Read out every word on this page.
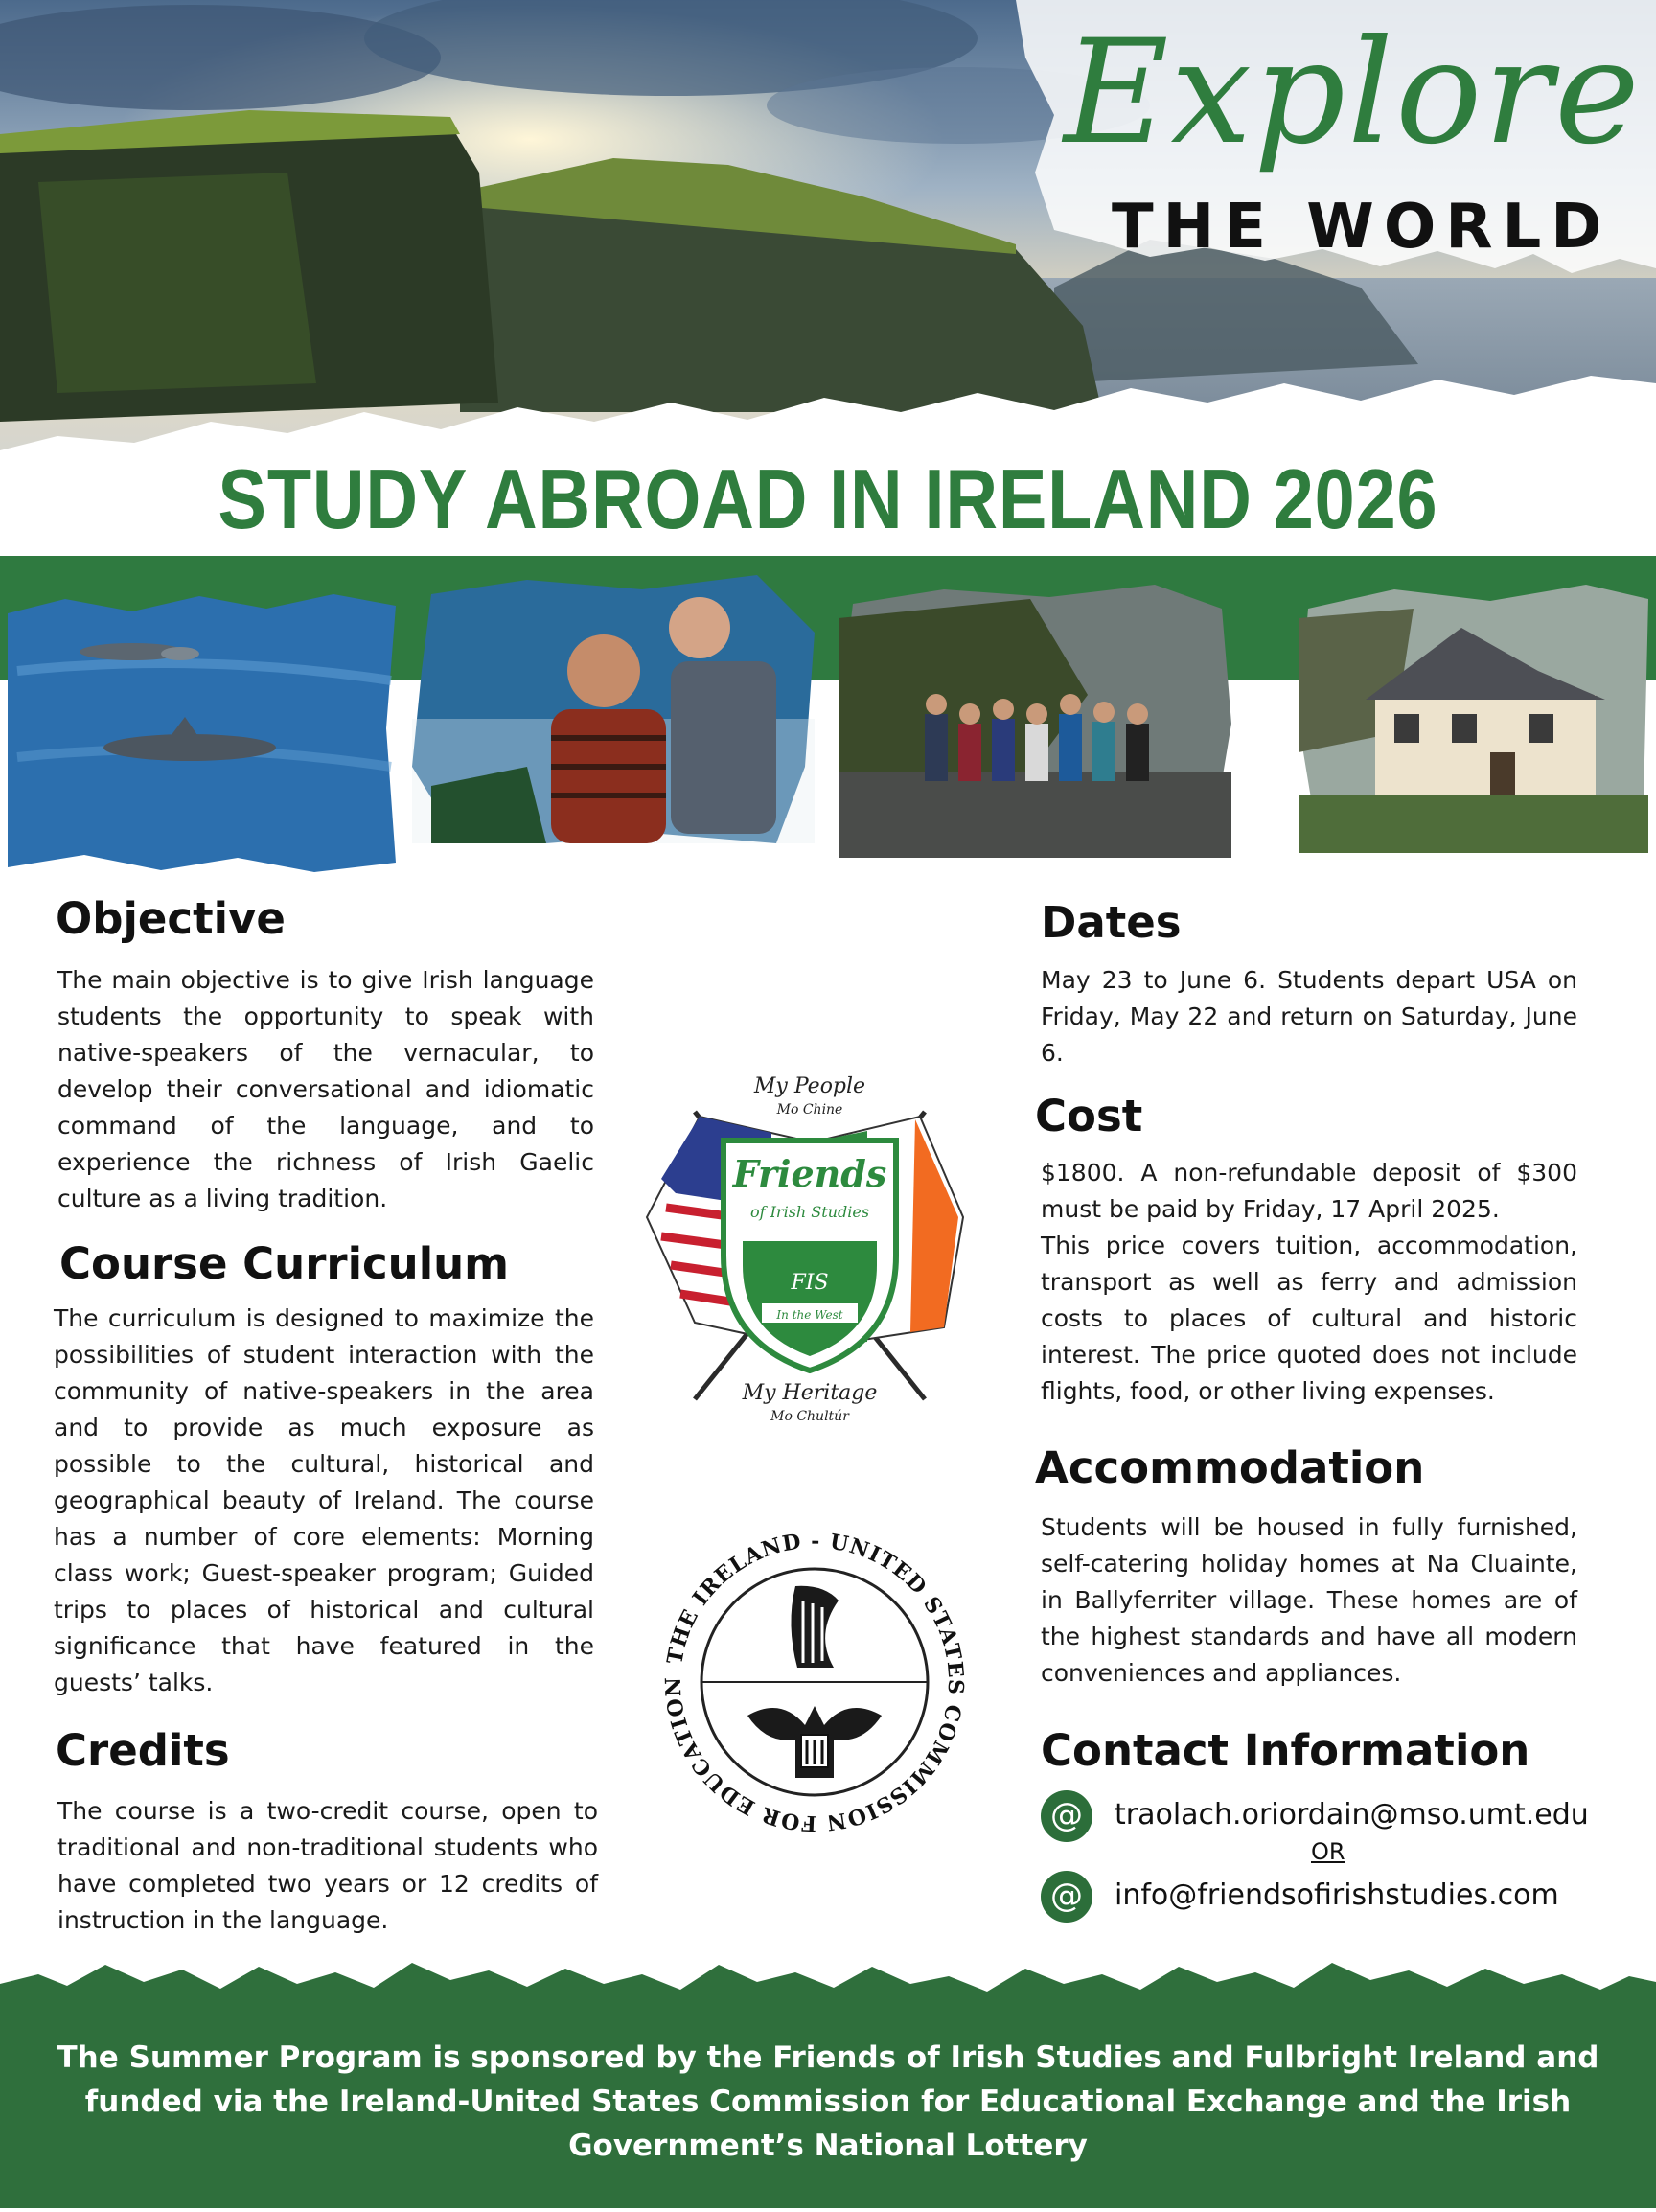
Explore
THE WORLD
STUDY ABROAD IN IRELAND 2026
Objective

The main objective is to give Irish language students the opportunity to speak with native-speakers of the vernacular, to develop their conversational and idiomatic command of the language, and to experience the richness of Irish Gaelic culture as a living tradition.

Course Curriculum

The curriculum is designed to maximize the possibilities of student interaction with the community of native-speakers in the area and to provide as much exposure as possible to the cultural, historical and geographical beauty of Ireland. The course has a number of core elements: Morning class work; Guest-speaker program; Guided trips to places of historical and cultural significance that have featured in the guests’ talks.

Credits

The course is a two-credit course, open to traditional and non-traditional students who have completed two years or 12 credits of instruction in the language.

Friends
of Irish Studies
FIS
In the West
My People
Mo Chine
My Heritage
Mo Chultúr
THE IRELAND - UNITED STATES COMMISSION FOR EDUCATION
Dates

May 23 to June 6. Students depart USA on Friday, May 22 and return on Saturday, June 6.

Cost

$1800. A non-refundable deposit of $300 must be paid by Friday, 17 April 2025.

This price covers tuition, accommodation, transport as well as ferry and admission costs to places of cultural and historic interest. The price quoted does not include flights, food, or other living expenses.

Accommodation

Students will be housed in fully furnished, self-catering holiday homes at Na Cluainte, in Ballyferriter village. These homes are of the highest standards and have all modern conveniences and appliances.

Contact Information
@	traolach.oriordain@mso.umt.edu
OR
@	info@friendsofirishstudies.com
The Summer Program is sponsored by the Friends of Irish Studies and Fulbright Ireland and funded via the Ireland-United States Commission for Educational Exchange and the Irish Government’s National Lottery
